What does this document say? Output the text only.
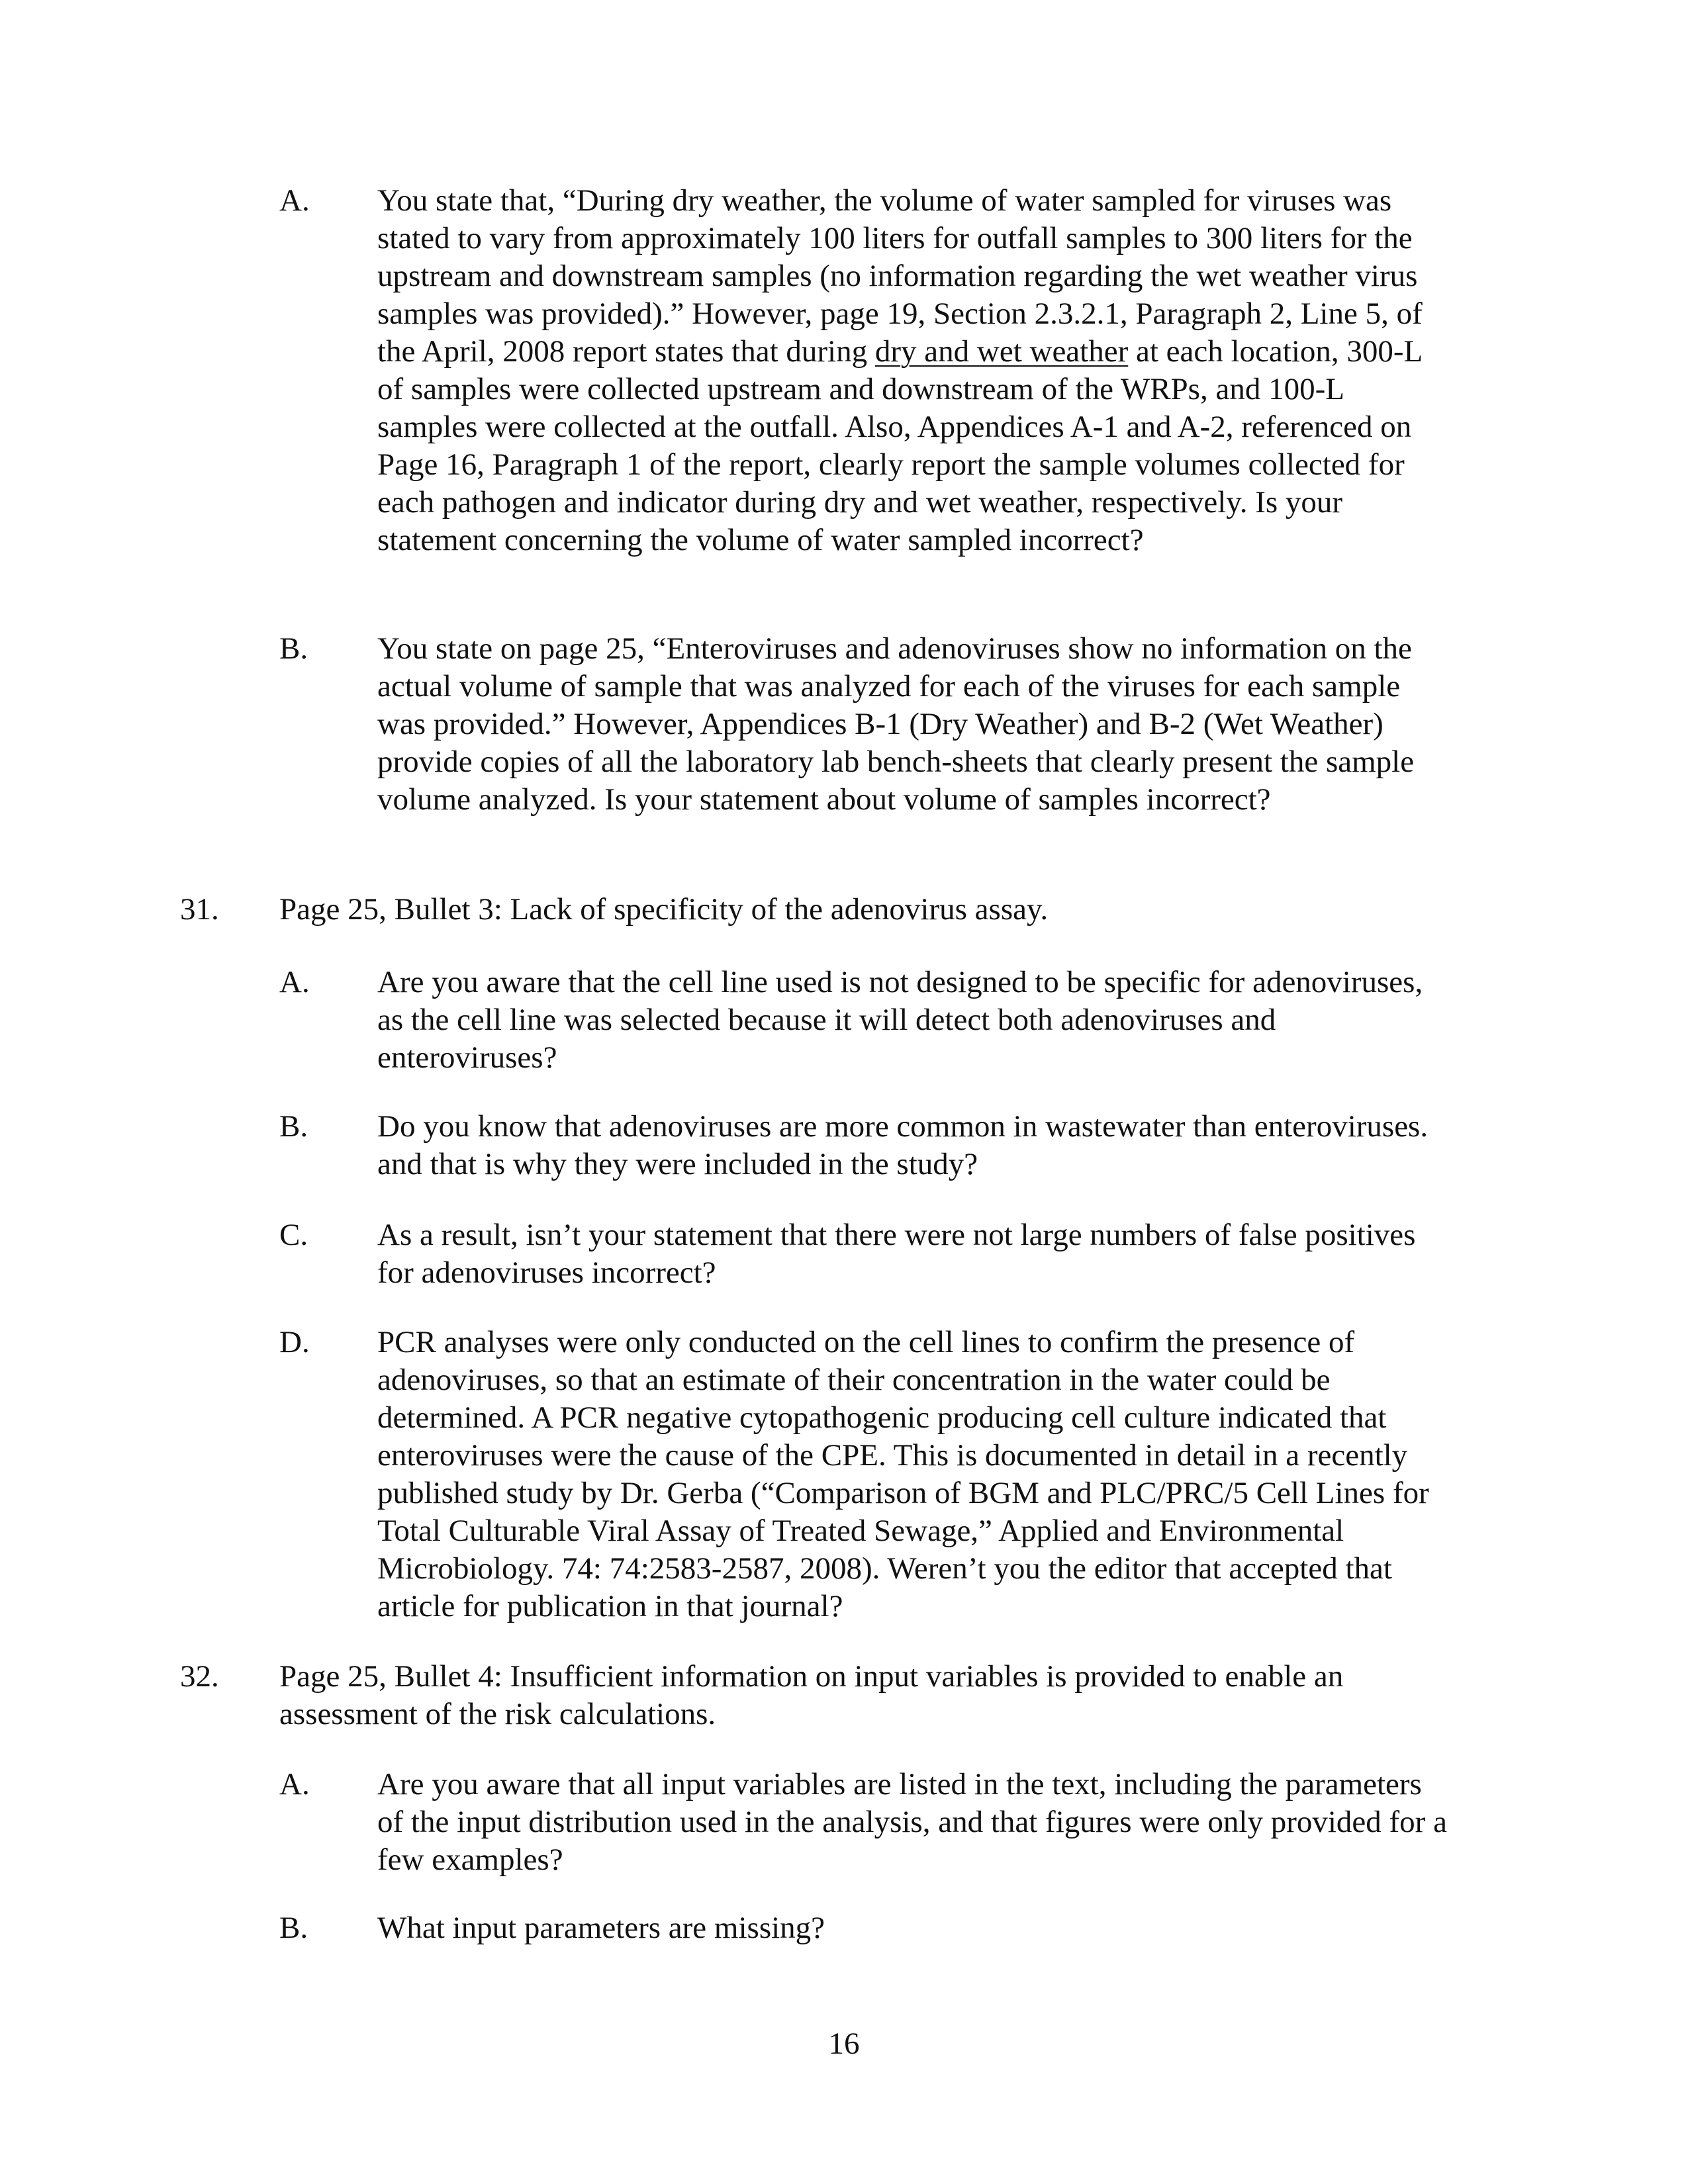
A.	You state that, “During dry weather, the volume of water sampled for viruses was stated to vary from approximately 100 liters for outfall samples to 300 liters for the upstream and downstream samples (no information regarding the wet weather virus samples was provided).” However, page 19, Section 2.3.2.1, Paragraph 2, Line 5, of the April, 2008 report states that during dry and wet weather at each location, 300-L of samples were collected upstream and downstream of the WRPs, and 100-L samples were collected at the outfall. Also, Appendices A-1 and A-2, referenced on Page 16, Paragraph 1 of the report, clearly report the sample volumes collected for each pathogen and indicator during dry and wet weather, respectively. Is your statement concerning the volume of water sampled incorrect?
B.	You state on page 25, “Enteroviruses and adenoviruses show no information on the actual volume of sample that was analyzed for each of the viruses for each sample was provided.” However, Appendices B-1 (Dry Weather) and B-2 (Wet Weather) provide copies of all the laboratory lab bench-sheets that clearly present the sample volume analyzed. Is your statement about volume of samples incorrect?
31.	Page 25, Bullet 3: Lack of specificity of the adenovirus assay.
A.	Are you aware that the cell line used is not designed to be specific for adenoviruses, as the cell line was selected because it will detect both adenoviruses and enteroviruses?
B.	Do you know that adenoviruses are more common in wastewater than enteroviruses. and that is why they were included in the study?
C.	As a result, isn’t your statement that there were not large numbers of false positives for adenoviruses incorrect?
D.	PCR analyses were only conducted on the cell lines to confirm the presence of adenoviruses, so that an estimate of their concentration in the water could be determined. A PCR negative cytopathogenic producing cell culture indicated that enteroviruses were the cause of the CPE. This is documented in detail in a recently published study by Dr. Gerba (“Comparison of BGM and PLC/PRC/5 Cell Lines for Total Culturable Viral Assay of Treated Sewage,” Applied and Environmental Microbiology. 74: 74:2583-2587, 2008). Weren’t you the editor that accepted that article for publication in that journal?
32.	Page 25, Bullet 4: Insufficient information on input variables is provided to enable an assessment of the risk calculations.
A.	Are you aware that all input variables are listed in the text, including the parameters of the input distribution used in the analysis, and that figures were only provided for a few examples?
B.	What input parameters are missing?
16
